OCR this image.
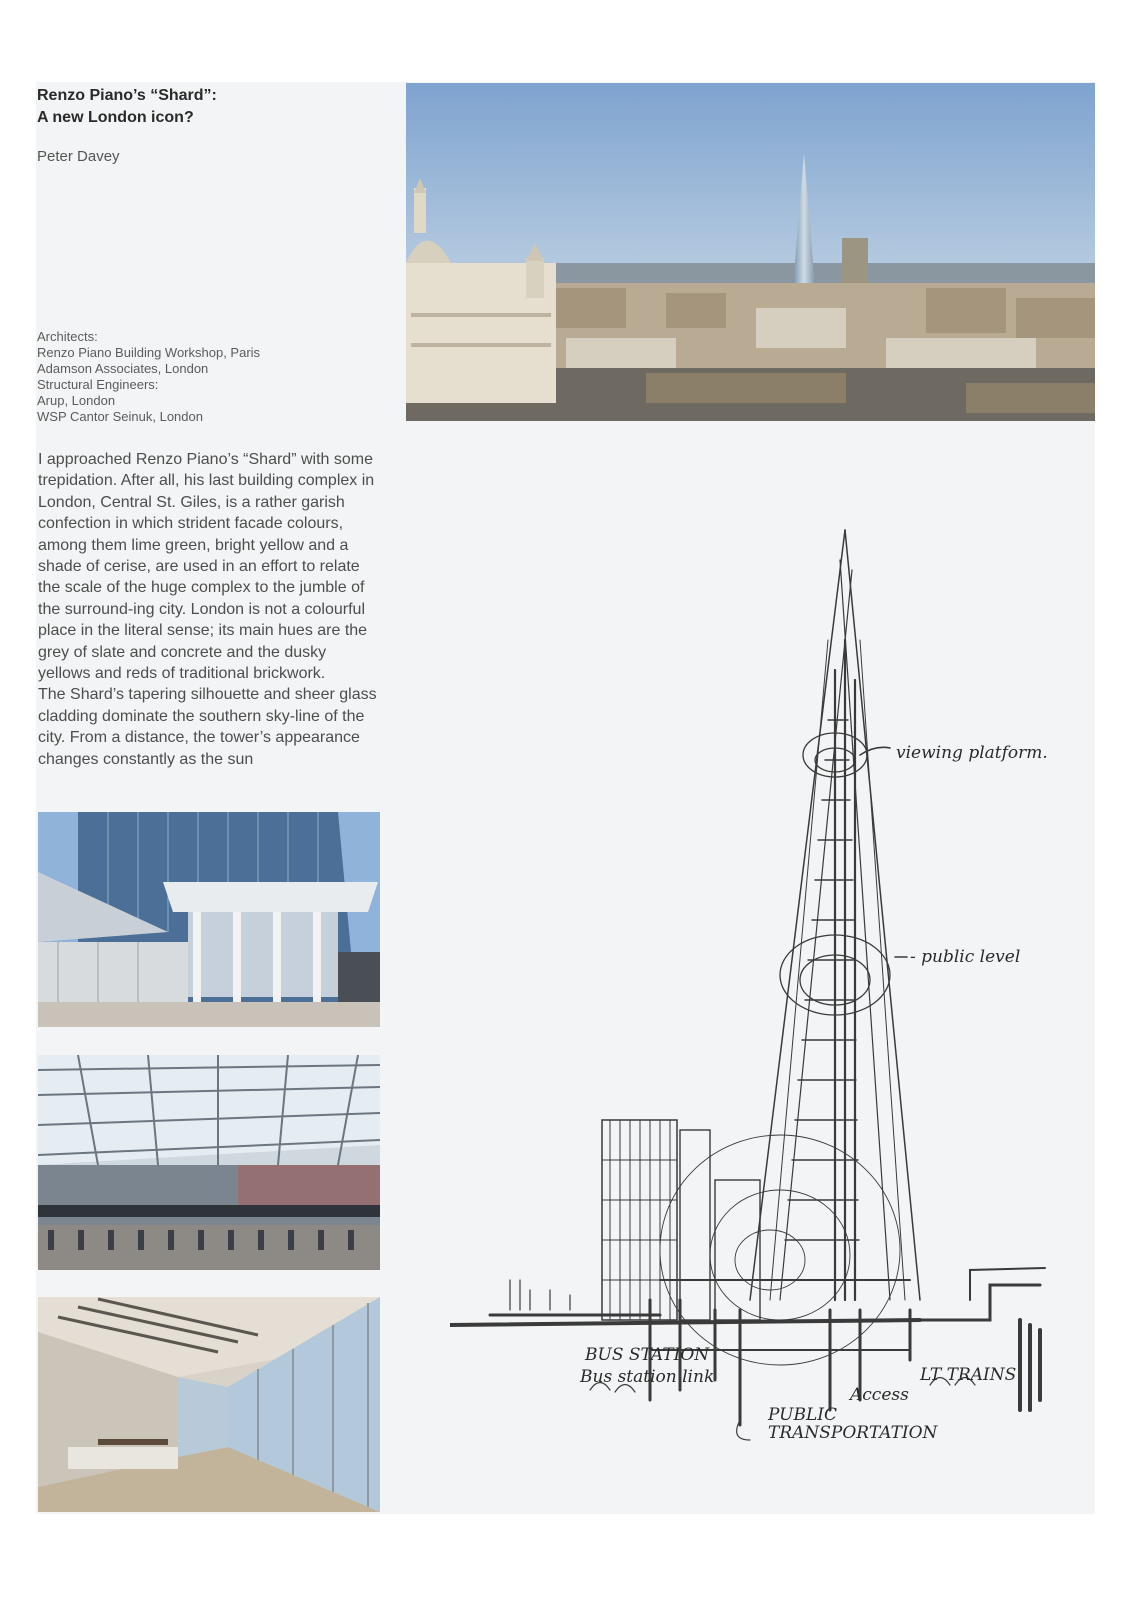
Renzo Piano’s “Shard”:
A new London icon?
Peter Davey
Architects:
Renzo Piano Building Workshop, Paris
Adamson Associates, London
Structural Engineers:
Arup, London
WSP Cantor Seinuk, London

I approached Renzo Piano’s “Shard” with some trepidation. After all, his last building complex in London, Central St. Giles, is a rather garish confection in which strident facade colours, among them lime green, bright yellow and a shade of cerise, are used in an effort to relate the scale of the huge complex to the jumble of the surround-ing city. London is not a colourful place in the literal sense; its main hues are the grey of slate and concrete and the dusky yellows and reds of traditional brickwork.
The Shard’s tapering silhouette and sheer glass cladding dominate the southern sky-line of the city. From a distance, the tower’s appearance changes constantly as the sun	viewing platform.
- public level
BUS STATION
Bus station link
PUBLIC
TRANSPORTATION
Access
LT TRAINS
